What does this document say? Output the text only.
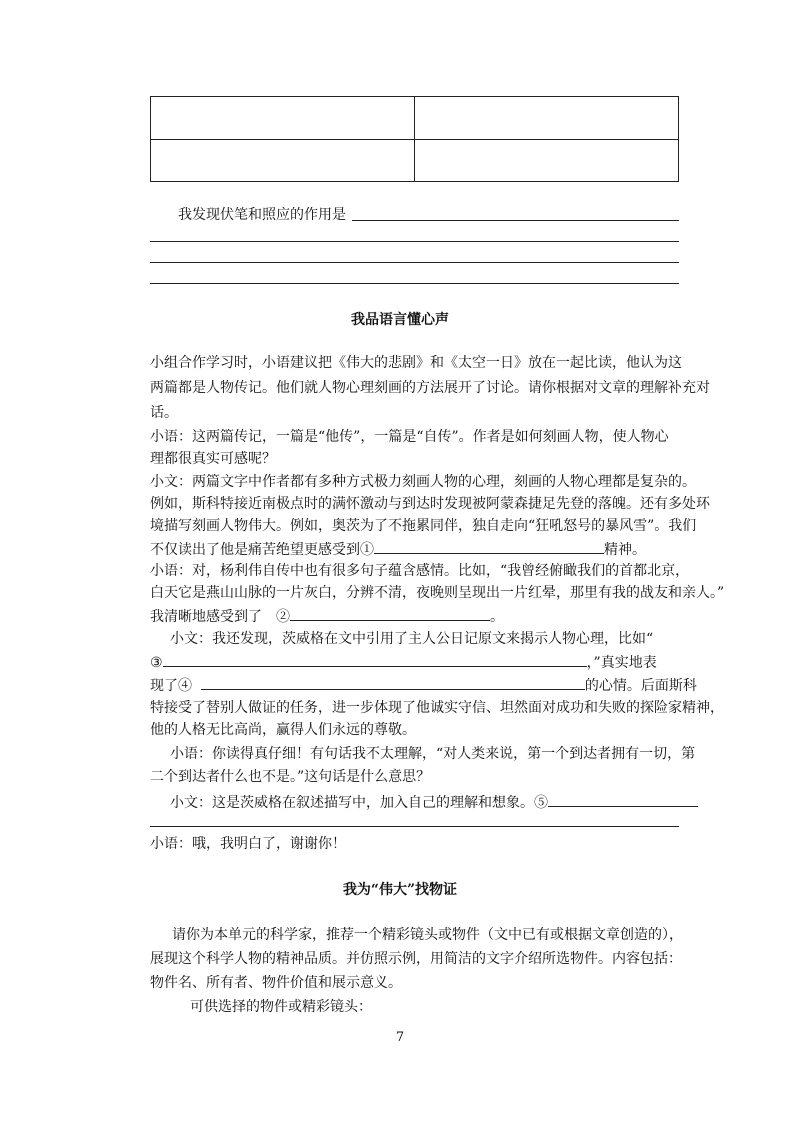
我发现伏笔和照应的作用是
我品语言懂心声
小组合作学习时，小语建议把《伟大的悲剧》和《太空一日》放在一起比读，他认为这
两篇都是人物传记。他们就人物心理刻画的方法展开了讨论。请你根据对文章的理解补充对
话。
小语：这两篇传记，一篇是“他传”，一篇是“自传”。作者是如何刻画人物，使人物心
理都很真实可感呢？
小文：两篇文字中作者都有多种方式极力刻画人物的心理，刻画的人物心理都是复杂的。
例如，斯科特接近南极点时的满怀激动与到达时发现被阿蒙森捷足先登的落魄。还有多处环
境描写刻画人物伟大。例如，奥茨为了不拖累同伴，独自走向“狂吼怒号的暴风雪”。我们
不仅读出了他是痛苦绝望更感受到①	精神。
小语：对，杨利伟自传中也有很多句子蕴含感情。比如，“我曾经俯瞰我们的首都北京，
白天它是燕山山脉的一片灰白，分辨不清，夜晚则呈现出一片红晕，那里有我的战友和亲人。”
我清晰地感受到了　②	。
小文：我还发现，茨威格在文中引用了主人公日记原文来揭示人物心理，比如“
③	，”真实地表
现了④	的心情。后面斯科
特接受了替别人做证的任务，进一步体现了他诚实守信、坦然面对成功和失败的探险家精神，
他的人格无比高尚，赢得人们永远的尊敬。
小语：你读得真仔细！有句话我不太理解，“对人类来说，第一个到达者拥有一切，第
二个到达者什么也不是。”这句话是什么意思？
小文：这是茨威格在叙述描写中，加入自己的理解和想象。⑤
小语：哦，我明白了，谢谢你！
我为“伟大”找物证
请你为本单元的科学家，推荐一个精彩镜头或物件（文中已有或根据文章创造的），
展现这个科学人物的精神品质。并仿照示例，用简洁的文字介绍所选物件。内容包括：
物件名、所有者、物件价值和展示意义。
可供选择的物件或精彩镜头：
7
